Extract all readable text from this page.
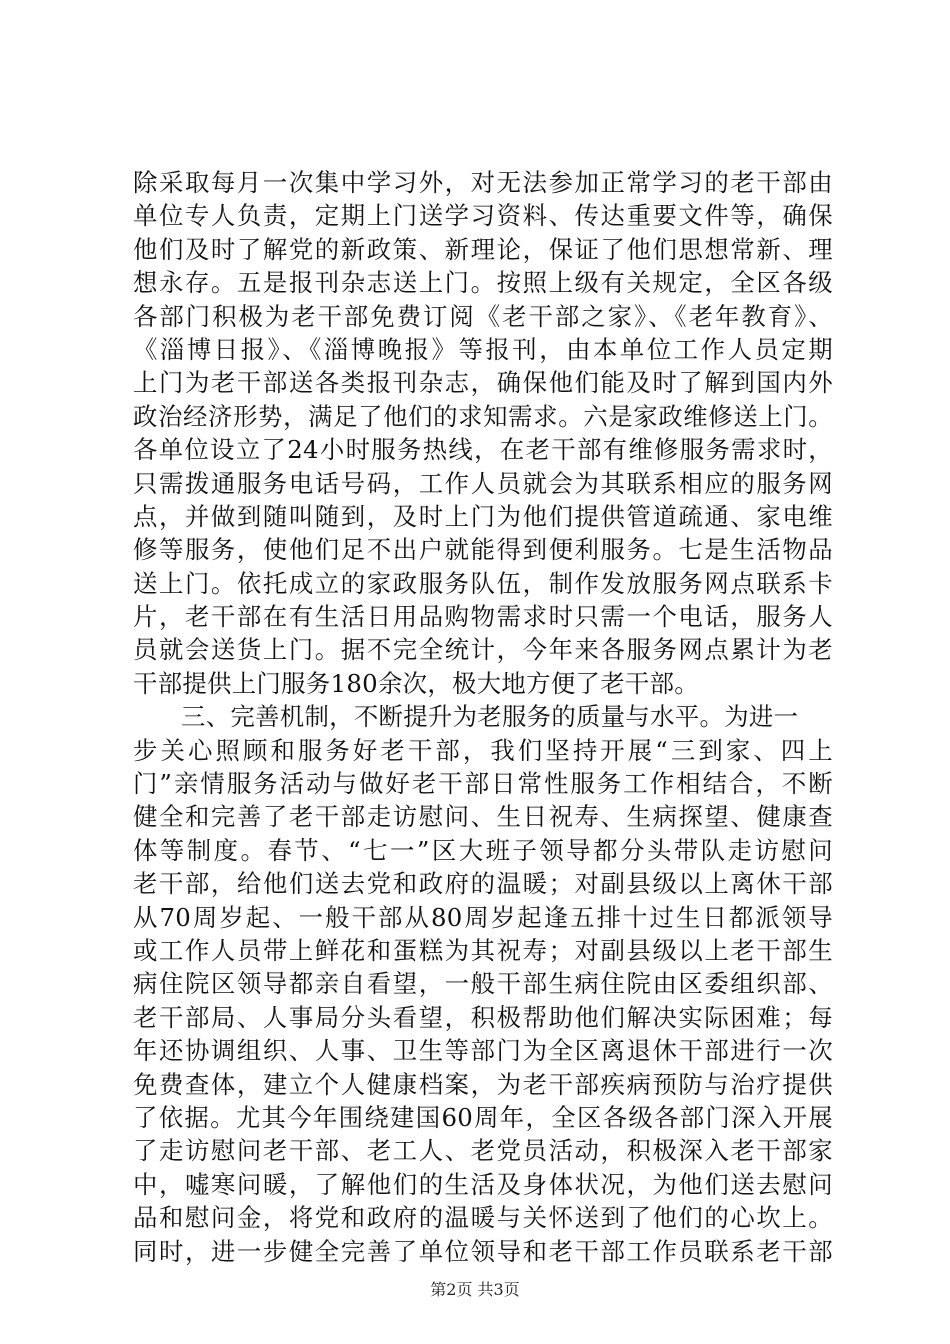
除采取每月一次集中学习外，对无法参加正常学习的老干部由
单位专人负责，定期上门送学习资料、传达重要文件等，确保
他们及时了解党的新政策、新理论，保证了他们思想常新、理
想永存。五是报刊杂志送上门。按照上级有关规定，全区各级
各部门积极为老干部免费订阅《老干部之家》、《老年教育》、
《淄博日报》、《淄博晚报》等报刊，由本单位工作人员定期
上门为老干部送各类报刊杂志，确保他们能及时了解到国内外
政治经济形势，满足了他们的求知需求。六是家政维修送上门。
各单位设立了24小时服务热线，在老干部有维修服务需求时，
只需拨通服务电话号码，工作人员就会为其联系相应的服务网
点，并做到随叫随到，及时上门为他们提供管道疏通、家电维
修等服务，使他们足不出户就能得到便利服务。七是生活物品
送上门。依托成立的家政服务队伍，制作发放服务网点联系卡
片，老干部在有生活日用品购物需求时只需一个电话，服务人
员就会送货上门。据不完全统计，今年来各服务网点累计为老
干部提供上门服务180余次，极大地方便了老干部。
三、完善机制，不断提升为老服务的质量与水平。为进一
步关心照顾和服务好老干部，我们坚持开展“三到家、四上
门”亲情服务活动与做好老干部日常性服务工作相结合，不断
健全和完善了老干部走访慰问、生日祝寿、生病探望、健康查
体等制度。春节、“七一”区大班子领导都分头带队走访慰问
老干部，给他们送去党和政府的温暖；对副县级以上离休干部
从70周岁起、一般干部从80周岁起逢五排十过生日都派领导
或工作人员带上鲜花和蛋糕为其祝寿；对副县级以上老干部生
病住院区领导都亲自看望，一般干部生病住院由区委组织部、
老干部局、人事局分头看望，积极帮助他们解决实际困难；每
年还协调组织、人事、卫生等部门为全区离退休干部进行一次
免费查体，建立个人健康档案，为老干部疾病预防与治疗提供
了依据。尤其今年围绕建国60周年，全区各级各部门深入开展
了走访慰问老干部、老工人、老党员活动，积极深入老干部家
中，嘘寒问暖，了解他们的生活及身体状况，为他们送去慰问
品和慰问金，将党和政府的温暖与关怀送到了他们的心坎上。
同时，进一步健全完善了单位领导和老干部工作员联系老干部
第2页 共3页
